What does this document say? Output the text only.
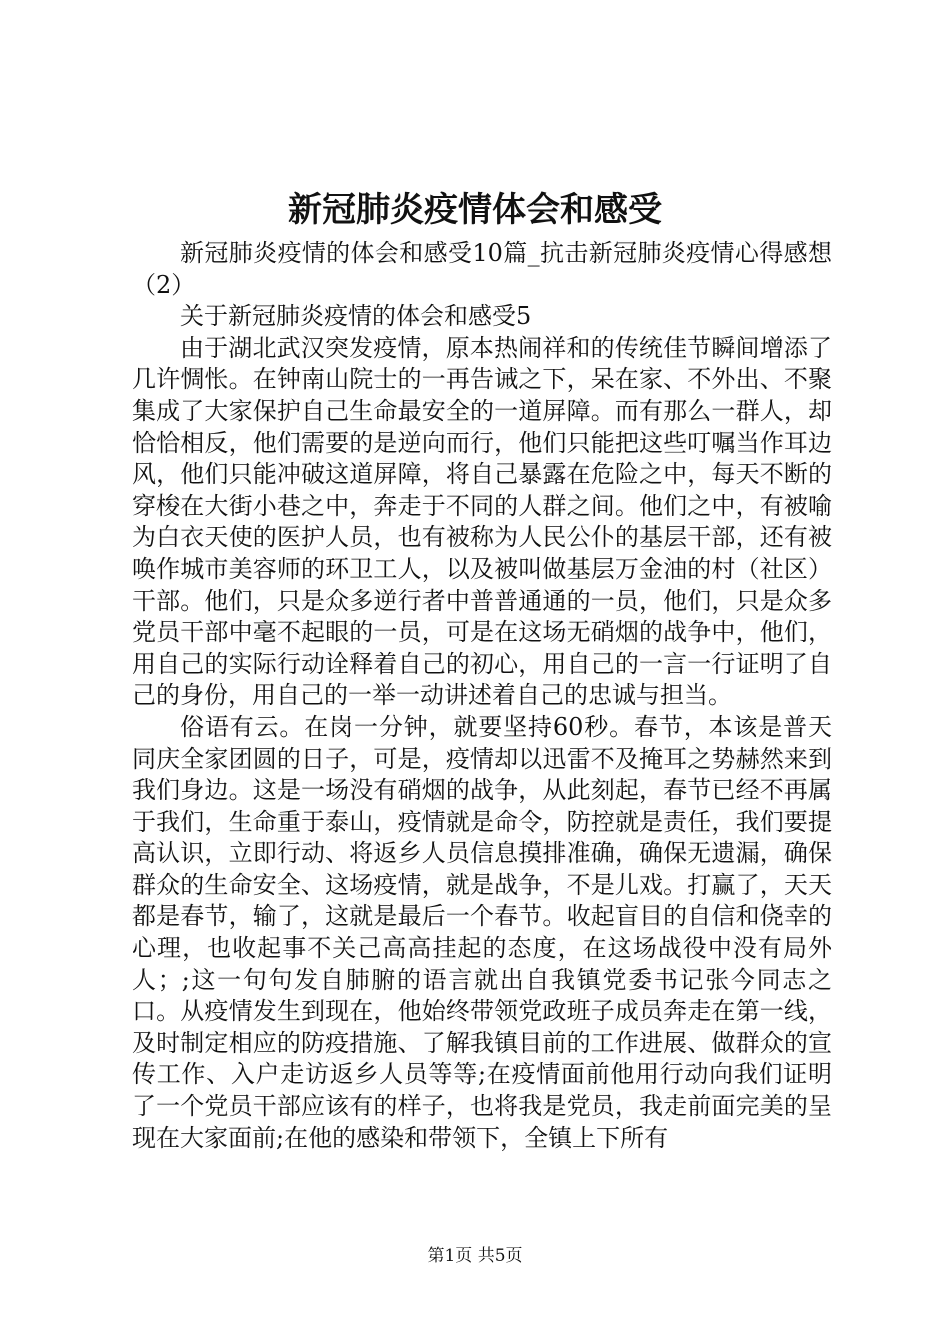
新冠肺炎疫情体会和感受

新冠肺炎疫情的体会和感受10篇_抗击新冠肺炎疫情心得感想（2）

关于新冠肺炎疫情的体会和感受5

由于湖北武汉突发疫情，原本热闹祥和的传统佳节瞬间增添了几许惆怅。在钟南山院士的一再告诫之下，呆在家、不外出、不聚集成了大家保护自己生命最安全的一道屏障。而有那么一群人，却恰恰相反，他们需要的是逆向而行，他们只能把这些叮嘱当作耳边风，他们只能冲破这道屏障，将自己暴露在危险之中，每天不断的穿梭在大街小巷之中，奔走于不同的人群之间。他们之中，有被喻为白衣天使的医护人员，也有被称为人民公仆的基层干部，还有被唤作城市美容师的环卫工人，以及被叫做基层万金油的村（社区）干部。他们，只是众多逆行者中普普通通的一员，他们，只是众多党员干部中毫不起眼的一员，可是在这场无硝烟的战争中，他们，用自己的实际行动诠释着自己的初心，用自己的一言一行证明了自己的身份，用自己的一举一动讲述着自己的忠诚与担当。

俗语有云。在岗一分钟，就要坚持60秒。春节，本该是普天同庆全家团圆的日子，可是，疫情却以迅雷不及掩耳之势赫然来到我们身边。这是一场没有硝烟的战争，从此刻起，春节已经不再属于我们，生命重于泰山，疫情就是命令，防控就是责任，我们要提高认识，立即行动、将返乡人员信息摸排准确，确保无遗漏，确保群众的生命安全、这场疫情，就是战争，不是儿戏。打赢了，天天都是春节，输了，这就是最后一个春节。收起盲目的自信和侥幸的心理，也收起事不关己高高挂起的态度，在这场战役中没有局外人；;这一句句发自肺腑的语言就出自我镇党委书记张今同志之口。从疫情发生到现在，他始终带领党政班子成员奔走在第一线，及时制定相应的防疫措施、了解我镇目前的工作进展、做群众的宣传工作、入户走访返乡人员等等;在疫情面前他用行动向我们证明了一个党员干部应该有的样子，也将我是党员，我走前面完美的呈现在大家面前;在他的感染和带领下，全镇上下所有

第1页 共5页
